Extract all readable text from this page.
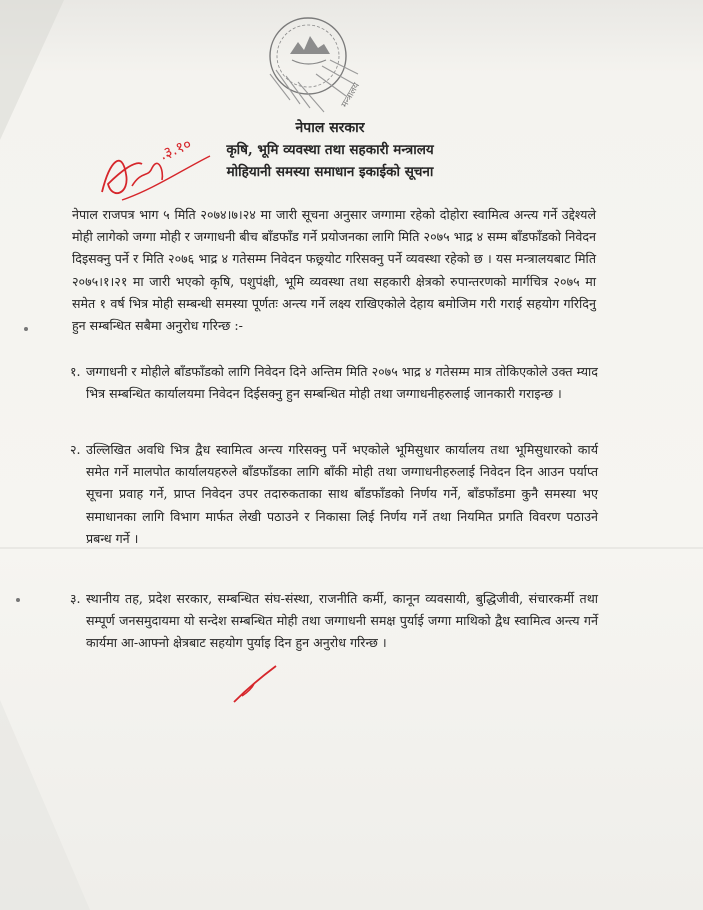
मन्त्रालय
.३.१०
नेपाल सरकार
कृषि, भूमि व्यवस्था तथा सहकारी मन्त्रालय
मोहियानी समस्या समाधान इकाईको सूचना
नेपाल राजपत्र भाग ५ मिति २०७४।७।२४ मा जारी सूचना अनुसार जग्गामा रहेको दोहोरा स्वामित्व अन्त्य गर्ने उद्देश्यले मोही लागेको जग्गा मोही र जग्गाधनी बीच बाँडफाँड गर्ने प्रयोजनका लागि मिति २०७५ भाद्र ४ सम्म बाँडफाँडको निवेदन दिइसक्नु पर्ने र मिति २०७६ भाद्र ४ गतेसम्म निवेदन फछ्र्योट गरिसक्नु पर्ने व्यवस्था रहेको छ । यस मन्त्रालयबाट मिति २०७५।१।२१ मा जारी भएको कृषि, पशुपंक्षी, भूमि व्यवस्था तथा सहकारी क्षेत्रको रुपान्तरणको मार्गचित्र २०७५ मा समेत १ वर्ष भित्र मोही सम्बन्धी समस्या पूर्णतः अन्त्य गर्ने लक्ष्य राखिएकोले देहाय बमोजिम गरी गराई सहयोग गरिदिनु हुन सम्बन्धित सबैमा अनुरोध गरिन्छ :-
१. जग्गाधनी र मोहीले बाँडफाँडको लागि निवेदन दिने अन्तिम मिति २०७५ भाद्र ४ गतेसम्म मात्र तोकिएकोले उक्त म्याद भित्र सम्बन्धित कार्यालयमा निवेदन दिईसक्नु हुन सम्बन्धित मोही तथा जग्गाधनीहरुलाई जानकारी गराइन्छ ।
२. उल्लिखित अवधि भित्र द्वैध स्वामित्व अन्त्य गरिसक्नु पर्ने भएकोले भूमिसुधार कार्यालय तथा भूमिसुधारको कार्य समेत गर्ने मालपोत कार्यालयहरुले बाँडफाँडका लागि बाँकी मोही तथा जग्गाधनीहरुलाई निवेदन दिन आउन पर्याप्त सूचना प्रवाह गर्ने, प्राप्त निवेदन उपर तदारुकताका साथ बाँडफाँडको निर्णय गर्ने, बाँडफाँडमा कुनै समस्या भए समाधानका लागि विभाग मार्फत लेखी पठाउने र निकासा लिई निर्णय गर्ने तथा नियमित प्रगति विवरण पठाउने प्रबन्ध गर्ने ।
३. स्थानीय तह, प्रदेश सरकार, सम्बन्धित संघ-संस्था, राजनीति कर्मी, कानून व्यवसायी, बुद्धिजीवी, संचारकर्मी तथा सम्पूर्ण जनसमुदायमा यो सन्देश सम्बन्धित मोही तथा जग्गाधनी समक्ष पुर्याई जग्गा माथिको द्वैध स्वामित्व अन्त्य गर्ने कार्यमा आ-आफ्नो क्षेत्रबाट सहयोग पुर्याइ दिन हुन अनुरोध गरिन्छ ।
